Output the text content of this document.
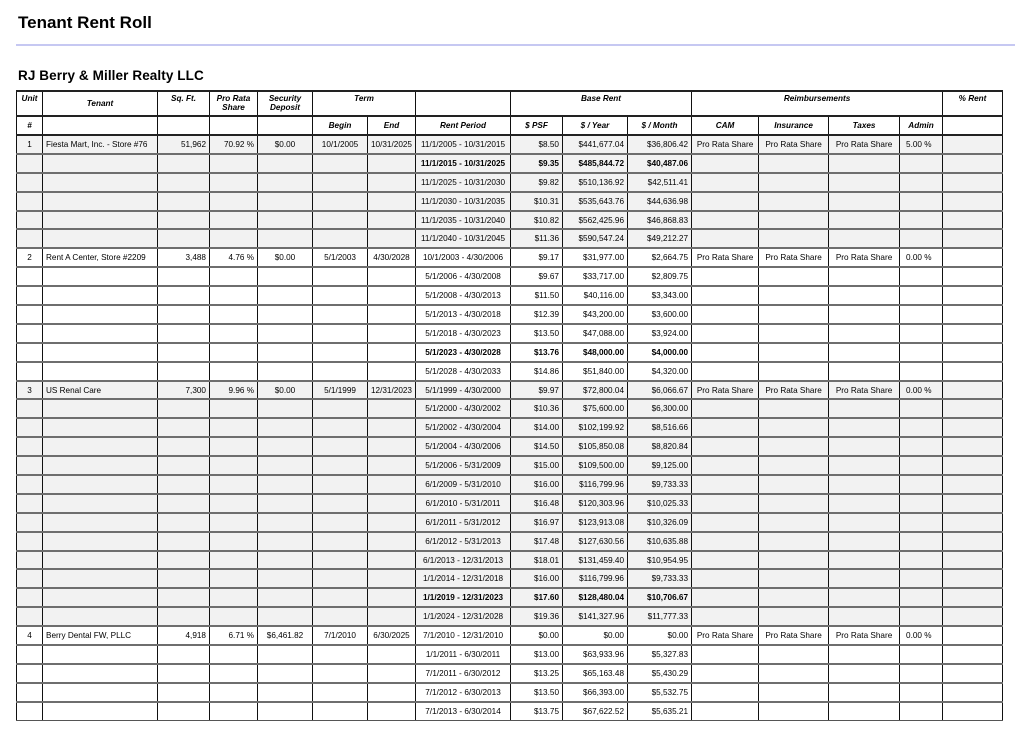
Tenant Rent Roll
RJ Berry & Miller Realty LLC
Unit	Tenant	Sq. Ft.	Pro Rata Share	Security Deposit	Term			Base Rent			Reimbursements				% Rent
#					Begin	End	Rent Period	$ PSF	$ / Year	$ / Month	CAM	Insurance	Taxes	Admin	
1	Fiesta Mart, Inc. - Store #76	51,962	70.92 %	$0.00	10/1/2005	10/31/2025	11/1/2005 - 10/31/2015	$8.50	$441,677.04	$36,806.42	Pro Rata Share	Pro Rata Share	Pro Rata Share	5.00 %	
							11/1/2015 - 10/31/2025	$9.35	$485,844.72	$40,487.06					
							11/1/2025 - 10/31/2030	$9.82	$510,136.92	$42,511.41					
							11/1/2030 - 10/31/2035	$10.31	$535,643.76	$44,636.98					
							11/1/2035 - 10/31/2040	$10.82	$562,425.96	$46,868.83					
							11/1/2040 - 10/31/2045	$11.36	$590,547.24	$49,212.27					
2	Rent A Center, Store #2209	3,488	4.76 %	$0.00	5/1/2003	4/30/2028	10/1/2003 - 4/30/2006	$9.17	$31,977.00	$2,664.75	Pro Rata Share	Pro Rata Share	Pro Rata Share	0.00 %	
							5/1/2006 - 4/30/2008	$9.67	$33,717.00	$2,809.75					
							5/1/2008 - 4/30/2013	$11.50	$40,116.00	$3,343.00					
							5/1/2013 - 4/30/2018	$12.39	$43,200.00	$3,600.00					
							5/1/2018 - 4/30/2023	$13.50	$47,088.00	$3,924.00					
							5/1/2023 - 4/30/2028	$13.76	$48,000.00	$4,000.00					
							5/1/2028 - 4/30/2033	$14.86	$51,840.00	$4,320.00					
3	US Renal Care	7,300	9.96 %	$0.00	5/1/1999	12/31/2023	5/1/1999 - 4/30/2000	$9.97	$72,800.04	$6,066.67	Pro Rata Share	Pro Rata Share	Pro Rata Share	0.00 %	
							5/1/2000 - 4/30/2002	$10.36	$75,600.00	$6,300.00					
							5/1/2002 - 4/30/2004	$14.00	$102,199.92	$8,516.66					
							5/1/2004 - 4/30/2006	$14.50	$105,850.08	$8,820.84					
							5/1/2006 - 5/31/2009	$15.00	$109,500.00	$9,125.00					
							6/1/2009 - 5/31/2010	$16.00	$116,799.96	$9,733.33					
							6/1/2010 - 5/31/2011	$16.48	$120,303.96	$10,025.33					
							6/1/2011 - 5/31/2012	$16.97	$123,913.08	$10,326.09					
							6/1/2012 - 5/31/2013	$17.48	$127,630.56	$10,635.88					
							6/1/2013 - 12/31/2013	$18.01	$131,459.40	$10,954.95					
							1/1/2014 - 12/31/2018	$16.00	$116,799.96	$9,733.33					
							1/1/2019 - 12/31/2023	$17.60	$128,480.04	$10,706.67					
							1/1/2024 - 12/31/2028	$19.36	$141,327.96	$11,777.33					
4	Berry Dental FW, PLLC	4,918	6.71 %	$6,461.82	7/1/2010	6/30/2025	7/1/2010 - 12/31/2010	$0.00	$0.00	$0.00	Pro Rata Share	Pro Rata Share	Pro Rata Share	0.00 %	
							1/1/2011 - 6/30/2011	$13.00	$63,933.96	$5,327.83					
							7/1/2011 - 6/30/2012	$13.25	$65,163.48	$5,430.29					
							7/1/2012 - 6/30/2013	$13.50	$66,393.00	$5,532.75					
							7/1/2013 - 6/30/2014	$13.75	$67,622.52	$5,635.21					
